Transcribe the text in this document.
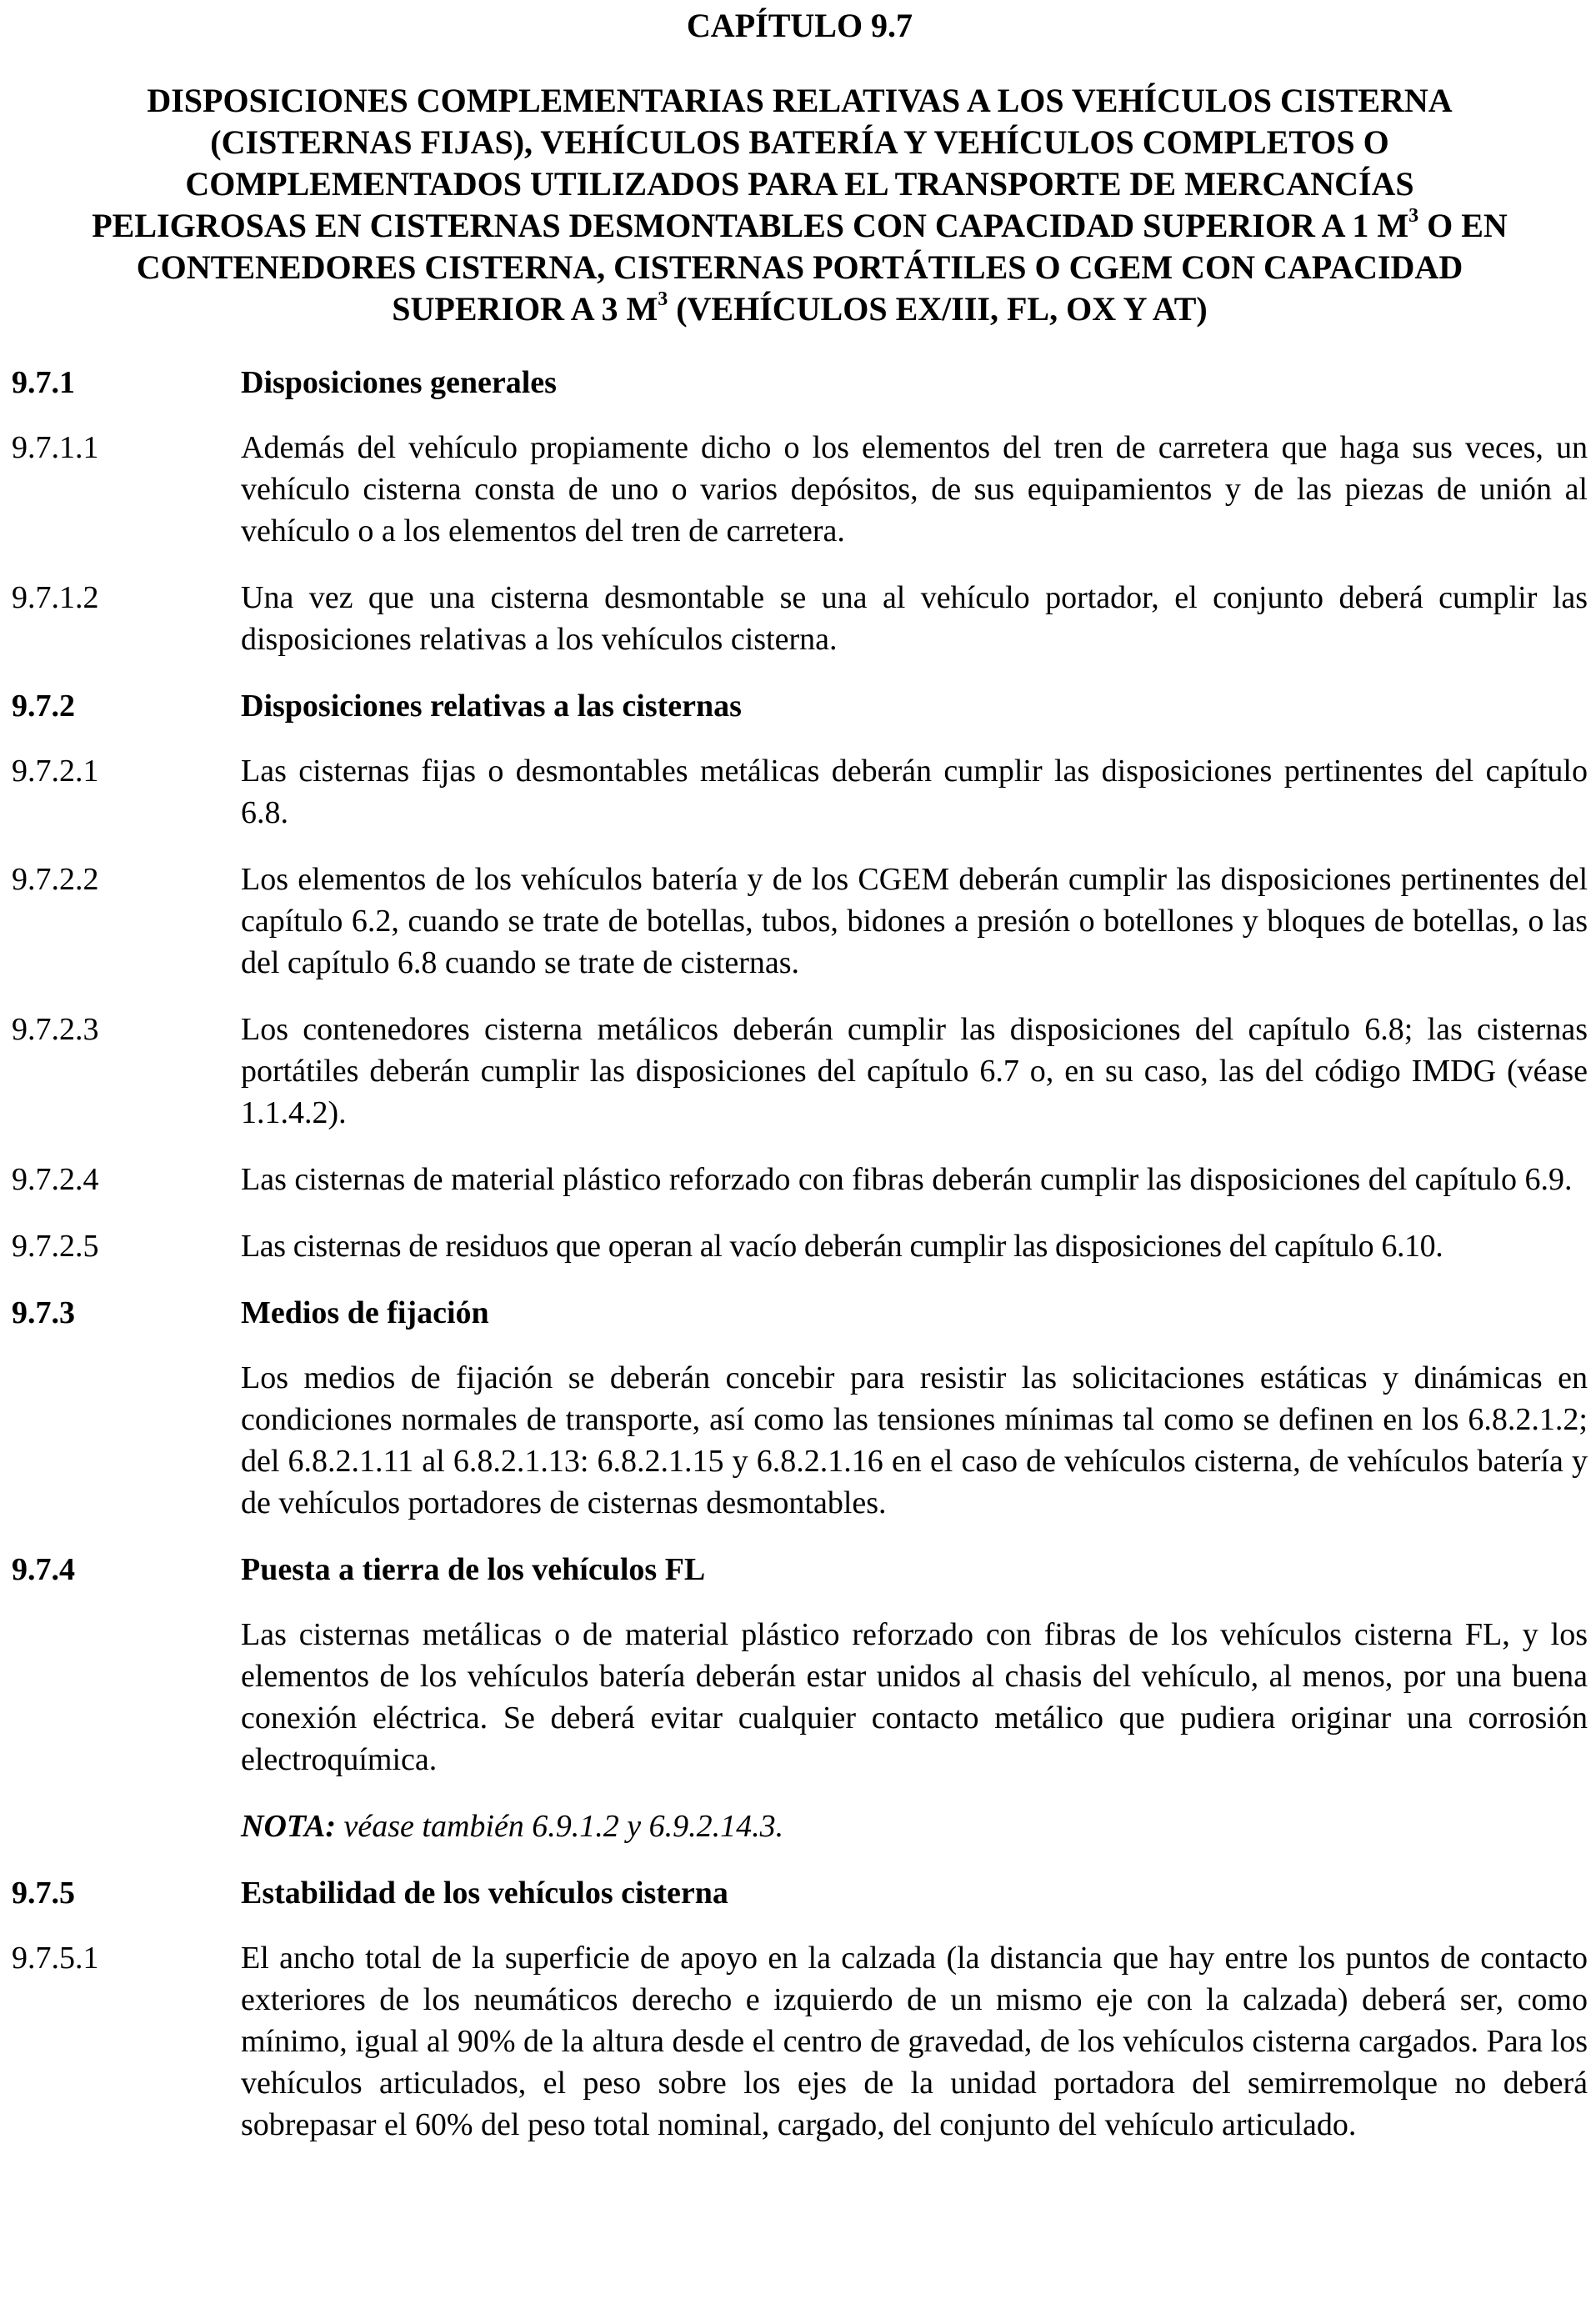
CAPÍTULO 9.7
DISPOSICIONES COMPLEMENTARIAS RELATIVAS A LOS VEHÍCULOS CISTERNA
(CISTERNAS FIJAS), VEHÍCULOS BATERÍA Y VEHÍCULOS COMPLETOS O
COMPLEMENTADOS UTILIZADOS PARA EL TRANSPORTE DE MERCANCÍAS
PELIGROSAS EN CISTERNAS DESMONTABLES CON CAPACIDAD SUPERIOR A 1 $M^3$ O EN
CONTENEDORES CISTERNA, CISTERNAS PORTÁTILES O CGEM CON CAPACIDAD
SUPERIOR A 3 $M^3$ (VEHÍCULOS EX/III, FL, OX Y AT)
9.7.1	Disposiciones generales
9.7.1.1	Además del vehículo propiamente dicho o los elementos del tren de carretera que haga sus veces, un vehículo cisterna consta de uno o varios depósitos, de sus equipamientos y de las piezas de unión al vehículo o a los elementos del tren de carretera.
9.7.1.2	Una vez que una cisterna desmontable se una al vehículo portador, el conjunto deberá cumplir las disposiciones relativas a los vehículos cisterna.
9.7.2	Disposiciones relativas a las cisternas
9.7.2.1	Las cisternas fijas o desmontables metálicas deberán cumplir las disposiciones pertinentes del capítulo 6.8.
9.7.2.2	Los elementos de los vehículos batería y de los CGEM deberán cumplir las disposiciones pertinentes del capítulo 6.2, cuando se trate de botellas, tubos, bidones a presión o botellones y bloques de botellas, o las del capítulo 6.8 cuando se trate de cisternas.
9.7.2.3	Los contenedores cisterna metálicos deberán cumplir las disposiciones del capítulo 6.8; las cisternas portátiles deberán cumplir las disposiciones del capítulo 6.7 o, en su caso, las del código IMDG (véase 1.1.4.2).
9.7.2.4	Las cisternas de material plástico reforzado con fibras deberán cumplir las disposiciones del capítulo 6.9.
9.7.2.5	Las cisternas de residuos que operan al vacío deberán cumplir las disposiciones del capítulo 6.10.
9.7.3	Medios de fijación
Los medios de fijación se deberán concebir para resistir las solicitaciones estáticas y dinámicas en condiciones normales de transporte, así como las tensiones mínimas tal como se definen en los 6.8.2.1.2; del 6.8.2.1.11 al 6.8.2.1.13: 6.8.2.1.15 y 6.8.2.1.16 en el caso de vehículos cisterna, de vehículos batería y de vehículos portadores de cisternas desmontables.
9.7.4	Puesta a tierra de los vehículos FL
Las cisternas metálicas o de material plástico reforzado con fibras de los vehículos cisterna FL, y los elementos de los vehículos batería deberán estar unidos al chasis del vehículo, al menos, por una buena conexión eléctrica. Se deberá evitar cualquier contacto metálico que pudiera originar una corrosión electroquímica.
NOTA: véase también 6.9.1.2 y 6.9.2.14.3.
9.7.5	Estabilidad de los vehículos cisterna
9.7.5.1	El ancho total de la superficie de apoyo en la calzada (la distancia que hay entre los puntos de contacto exteriores de los neumáticos derecho e izquierdo de un mismo eje con la calzada) deberá ser, como mínimo, igual al 90% de la altura desde el centro de gravedad, de los vehículos cisterna cargados. Para los vehículos articulados, el peso sobre los ejes de la unidad portadora del semirremolque no deberá sobrepasar el 60% del peso total nominal, cargado, del conjunto del vehículo articulado.
